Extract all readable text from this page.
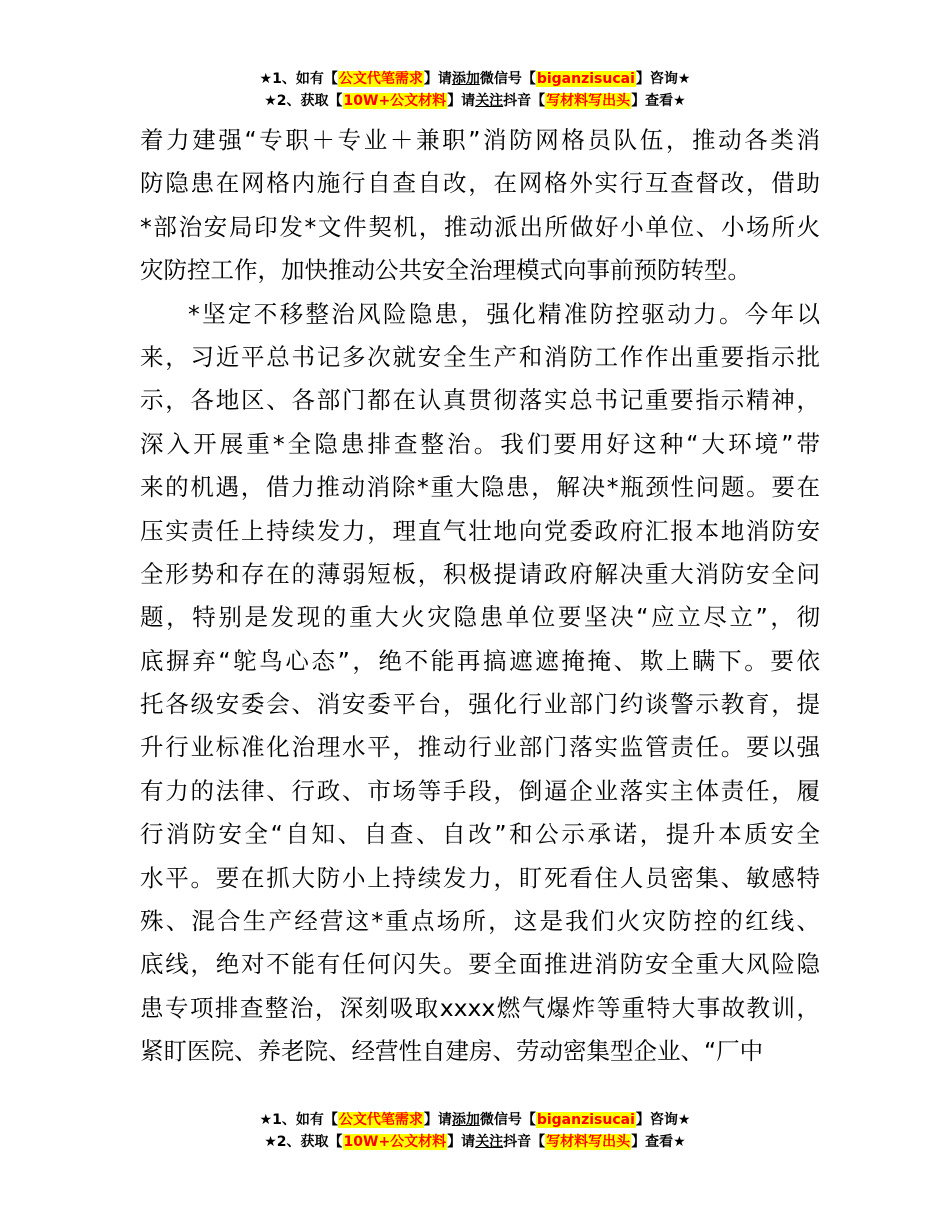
★1、如有【公文代笔需求】请添加微信号【biganzisucai】咨询★
★2、获取【10W+公文材料】请关注抖音【写材料写出头】查看★
着力建强“专职＋专业＋兼职”消防网格员队伍，推动各类消
防隐患在网格内施行自查自改，在网格外实行互查督改，借助
*部治安局印发*文件契机，推动派出所做好小单位、小场所火
灾防控工作，加快推动公共安全治理模式向事前预防转型。
*坚定不移整治风险隐患，强化精准防控驱动力。今年以
来，习近平总书记多次就安全生产和消防工作作出重要指示批
示，各地区、各部门都在认真贯彻落实总书记重要指示精神，
深入开展重*全隐患排查整治。我们要用好这种“大环境”带
来的机遇，借力推动消除*重大隐患，解决*瓶颈性问题。要在
压实责任上持续发力，理直气壮地向党委政府汇报本地消防安
全形势和存在的薄弱短板，积极提请政府解决重大消防安全问
题，特别是发现的重大火灾隐患单位要坚决“应立尽立”，彻
底摒弃“鸵鸟心态”，绝不能再搞遮遮掩掩、欺上瞒下。要依
托各级安委会、消安委平台，强化行业部门约谈警示教育，提
升行业标准化治理水平，推动行业部门落实监管责任。要以强
有力的法律、行政、市场等手段，倒逼企业落实主体责任，履
行消防安全“自知、自查、自改”和公示承诺，提升本质安全
水平。要在抓大防小上持续发力，盯死看住人员密集、敏感特
殊、混合生产经营这*重点场所，这是我们火灾防控的红线、
底线，绝对不能有任何闪失。要全面推进消防安全重大风险隐
患专项排查整治，深刻吸取xxxx燃气爆炸等重特大事故教训，
紧盯医院、养老院、经营性自建房、劳动密集型企业、“厂中
★1、如有【公文代笔需求】请添加微信号【biganzisucai】咨询★
★2、获取【10W+公文材料】请关注抖音【写材料写出头】查看★
